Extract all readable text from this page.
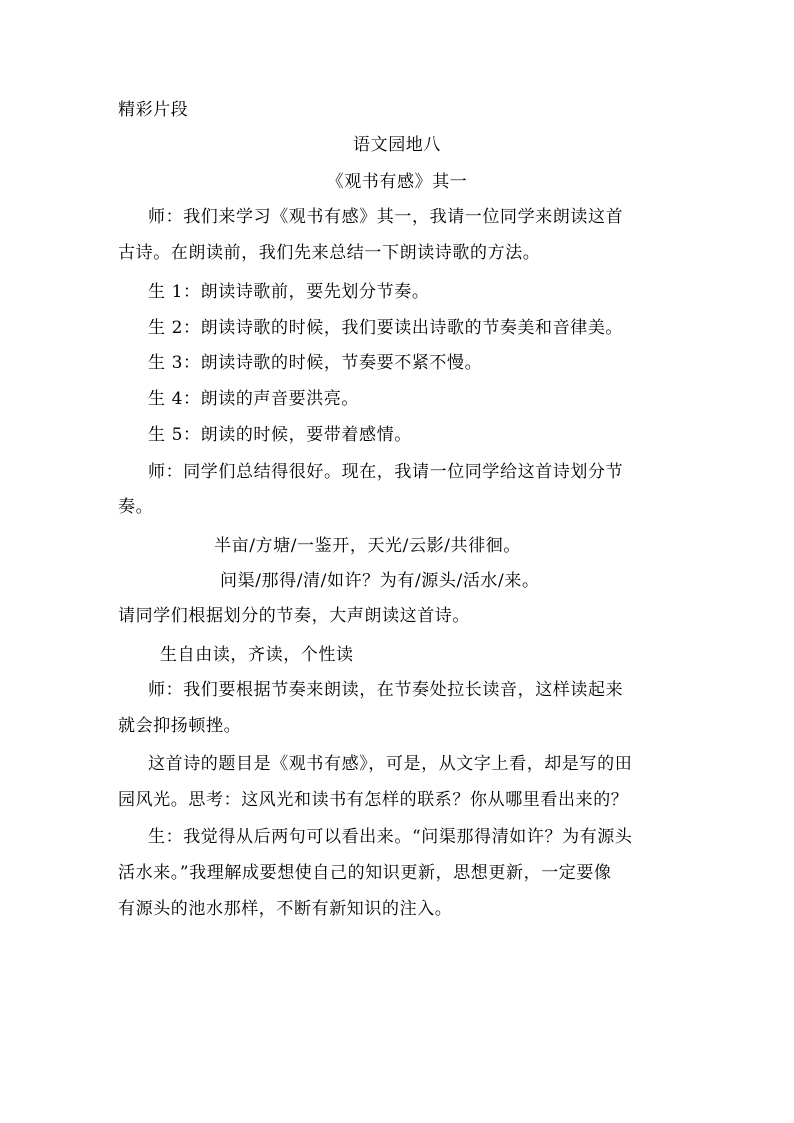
精彩片段
语文园地八
《观书有感》其一
师：我们来学习《观书有感》其一，我请一位同学来朗读这首
古诗。在朗读前，我们先来总结一下朗读诗歌的方法。
生 1：朗读诗歌前，要先划分节奏。
生 2：朗读诗歌的时候，我们要读出诗歌的节奏美和音律美。
生 3：朗读诗歌的时候，节奏要不紧不慢。
生 4：朗读的声音要洪亮。
生 5：朗读的时候，要带着感情。
师：同学们总结得很好。现在，我请一位同学给这首诗划分节
奏。
半亩/方塘/一鉴开，天光/云影/共徘徊。
问渠/那得/清/如许？为有/源头/活水/来。
请同学们根据划分的节奏，大声朗读这首诗。
生自由读，齐读，个性读
师：我们要根据节奏来朗读，在节奏处拉长读音，这样读起来
就会抑扬顿挫。
这首诗的题目是《观书有感》，可是，从文字上看，却是写的田
园风光。思考：这风光和读书有怎样的联系？你从哪里看出来的？
生：我觉得从后两句可以看出来。“问渠那得清如许？为有源头
活水来。”我理解成要想使自己的知识更新，思想更新，一定要像
有源头的池水那样，不断有新知识的注入。
